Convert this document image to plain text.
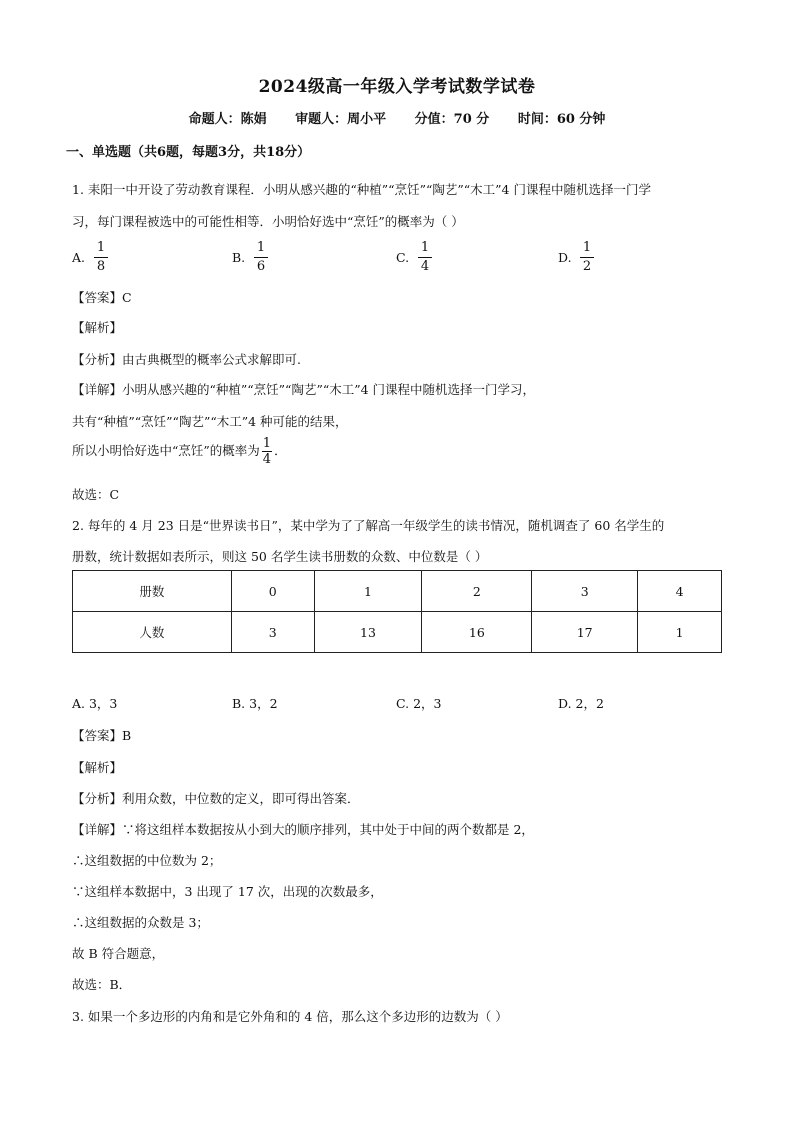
2024级高一年级入学考试数学试卷
命题人：陈娟 审题人：周小平 分值：70 分 时间：60 分钟
一、单选题（共6题，每题3分，共18分）
1. 耒阳一中开设了劳动教育课程．小明从感兴趣的“种植”“烹饪”“陶艺”“木工”4 门课程中随机选择一门学
习，每门课程被选中的可能性相等．小明恰好选中“烹饪”的概率为（ ）
A. $\frac{1}{8}$	B. $\frac{1}{6}$	C. $\frac{1}{4}$	D. $\frac{1}{2}$
【答案】C
【解析】
【分析】由古典概型的概率公式求解即可.
【详解】小明从感兴趣的“种植”“烹饪”“陶艺”“木工”4 门课程中随机选择一门学习，
共有“种植”“烹饪”“陶艺”“木工”4 种可能的结果，
所以小明恰好选中“烹饪”的概率为 $\frac{1}{4}$ ．
故选：C
2. 每年的 4 月 23 日是“世界读书日”，某中学为了了解高一年级学生的读书情况，随机调查了 60 名学生的
册数，统计数据如表所示，则这 50 名学生读书册数的众数、中位数是（ ）
册数	0	1	2	3	4
人数	3	13	16	17	1
A. 3，3	B. 3，2	C. 2，3	D. 2，2
【答案】B
【解析】
【分析】利用众数，中位数的定义，即可得出答案．
【详解】∵将这组样本数据按从小到大的顺序排列，其中处于中间的两个数都是 2，
∴这组数据的中位数为 2；
∵这组样本数据中，3 出现了 17 次，出现的次数最多，
∴这组数据的众数是 3；
故 B 符合题意，
故选：B．
3. 如果一个多边形的内角和是它外角和的 4 倍，那么这个多边形的边数为（ ）
